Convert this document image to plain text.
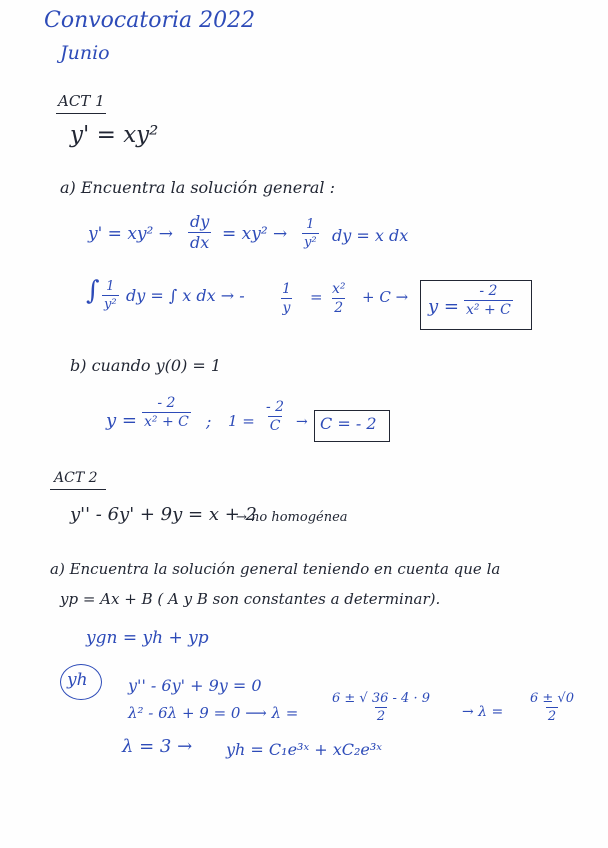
Convocatoria 2022
Junio
ACT 1
y' = xy²
a) Encuentra la solución general :
$y' = xy^2 \to \frac{dy}{dx} = xy^2 \to \frac{1}{\text{y²}}$ dy = x dx
∫ $\frac{1}{\text{y²}}$ dy = ∫ x dx → -	$\frac{1}{y} = \frac{\text{x²}}{2} + C \to y = \frac{- 2}{\text{x² + C}}$
b) cuando y(0) = 1
$y = \frac{- 2}{\text{x² + C}}$ ; $1 = \frac{- 2}{C} \to C$ = - 2
ACT 2
y'' - 6y' + 9y = x + 2
→ no homogénea
a) Encuentra la solución general teniendo en cuenta que la
yp = Ax + B ( A y B son constantes a determinar).
ygn = yh + yp
yh	y'' - 6y' + 9y = 0
λ² - 6λ + 9 = 0 ⟶ $\lambda = \frac{6 \pm √ 36 - 4 \cdot 9}{2} \to \lambda = \frac{6 \pm √0}{2}$
λ = 3 → yh = C₁e³ˣ + xC₂e³ˣ
